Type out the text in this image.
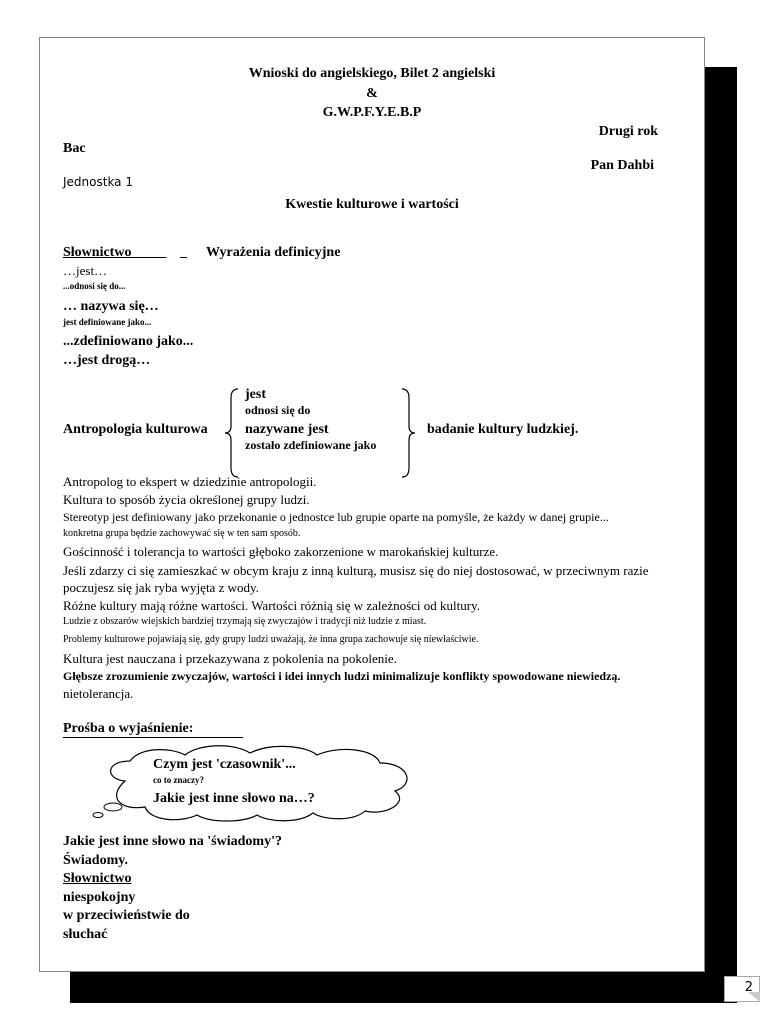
Wnioski do angielskiego, Bilet 2 angielski
&
G.W.P.F.Y.E.B.P
Drugi rok
Bac
Pan Dahbi
Jednostka 1
Kwestie kulturowe i wartości
Słownictwo	_ Wyrażenia definicyjne
…jest…
...odnosi się do...
… nazywa się…
jest definiowane jako...
...zdefiniowano jako...
…jest drogą…
Antropologia kulturowa
jest
odnosi się do
nazywane jest
zostało zdefiniowane jako
badanie kultury ludzkiej.
Antropolog to ekspert w dziedzinie antropologii.
Kultura to sposób życia określonej grupy ludzi.
Stereotyp jest definiowany jako przekonanie o jednostce lub grupie oparte na pomyśle, że każdy w danej grupie...
konkretna grupa będzie zachowywać się w ten sam sposób.
Gościnność i tolerancja to wartości głęboko zakorzenione w marokańskiej kulturze.
Jeśli zdarzy ci się zamieszkać w obcym kraju z inną kulturą, musisz się do niej dostosować, w przeciwnym razie
poczujesz się jak ryba wyjęta z wody.
Różne kultury mają różne wartości. Wartości różnią się w zależności od kultury.
Ludzie z obszarów wiejskich bardziej trzymają się zwyczajów i tradycji niż ludzie z miast.
Problemy kulturowe pojawiają się, gdy grupy ludzi uważają, że inna grupa zachowuje się niewłaściwie.
Kultura jest nauczana i przekazywana z pokolenia na pokolenie.
Głębsze zrozumienie zwyczajów, wartości i idei innych ludzi minimalizuje konflikty spowodowane niewiedzą.
nietolerancja.
Prośba o wyjaśnienie:
Czym jest 'czasownik'...
co to znaczy?
Jakie jest inne słowo na…?
Jakie jest inne słowo na 'świadomy'?
Świadomy.
Słownictwo
niespokojny
w przeciwieństwie do
słuchać
2
